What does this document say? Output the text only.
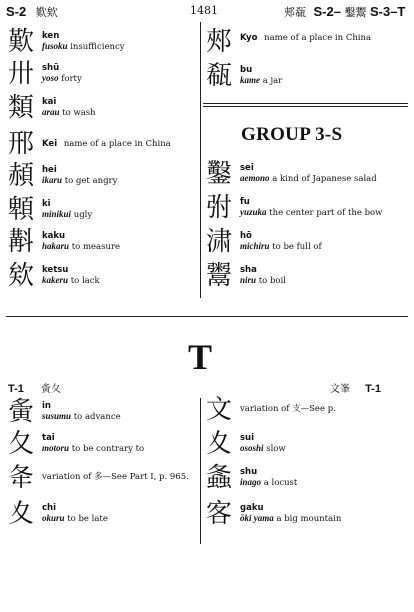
S-2 歎欸	1481	郟瓻 S-2– 鑿鬻 S-3–T
歎 ken
fusoku insufficiency
卅 shū
yoso forty
類 kai
arau to wash
邢 Kei name of a place in China
頳 hei
ikaru to get angry
䫌 ki
minikui ugly
斠 kaku
hakaru to measure
欸 ketsu
kakeru to lack
郟 Kyo name of a place in China
瓻 bu
kame a jar
GROUP 3-S
鑿 sei
aemono a kind of Japanese salad
弣 fu
yuzuka the center part of the bow
㴋 hō
michiru to be full of
鬻 sha
niru to boil
T
T-1 夤夂	文峯 T-1
夤 in
susumu to advance
夂 tai
motoru to be contrary to
夅 variation of 多—See Part I, p. 965.
夊 chi
okuru to be late
文 variation of 支—See p.
夊 sui
ososhi slow
螽 shu
inago a locust
客 gaku
ōki yama a big mountain
